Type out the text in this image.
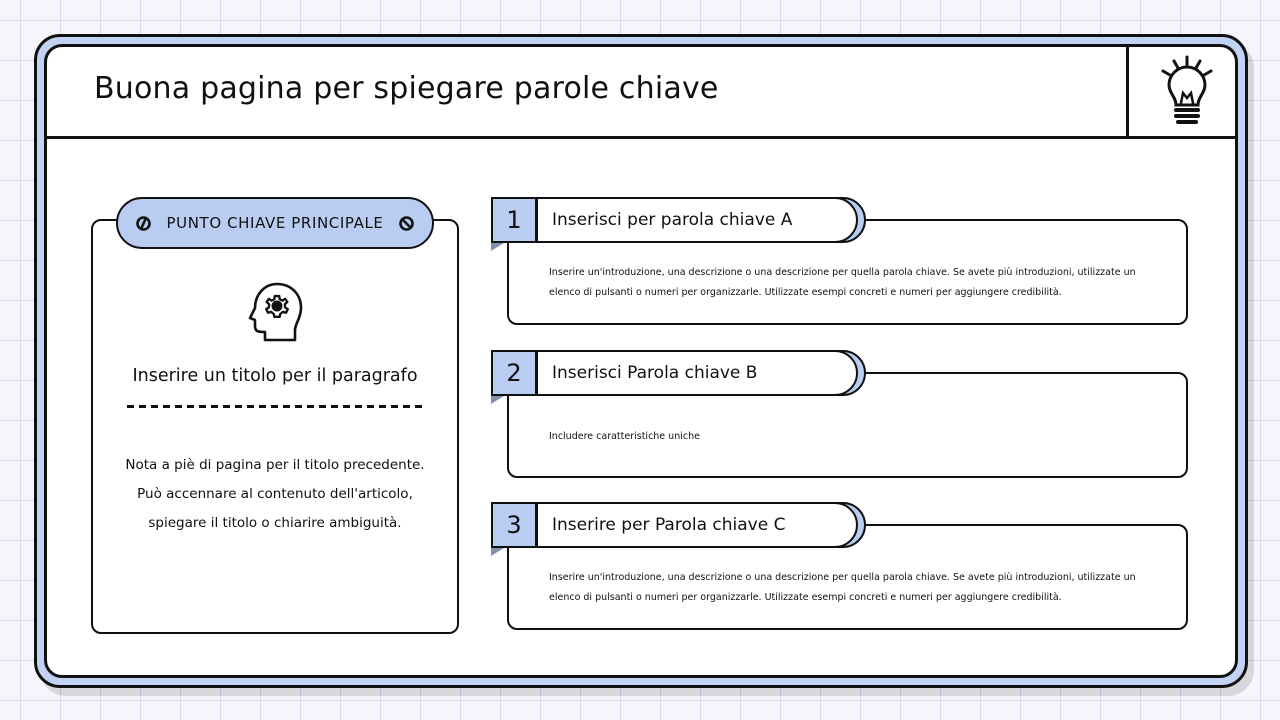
Buona pagina per spiegare parole chiave
PUNTO CHIAVE PRINCIPALE
Inserire un titolo per il paragrafo

Nota a piè di pagina per il titolo precedente. Può accennare al contenuto dell'articolo, spiegare il titolo o chiarire ambiguità.

Inserisci per parola chiave A
1

Inserire un'introduzione, una descrizione o una descrizione per quella parola chiave. Se avete più introduzioni, utilizzate un elenco di pulsanti o numeri per organizzarle. Utilizzate esempi concreti e numeri per aggiungere credibilità.

Inserisci Parola chiave B
2

Includere caratteristiche uniche

Inserire per Parola chiave C
3

Inserire un'introduzione, una descrizione o una descrizione per quella parola chiave. Se avete più introduzioni, utilizzate un elenco di pulsanti o numeri per organizzarle. Utilizzate esempi concreti e numeri per aggiungere credibilità.
